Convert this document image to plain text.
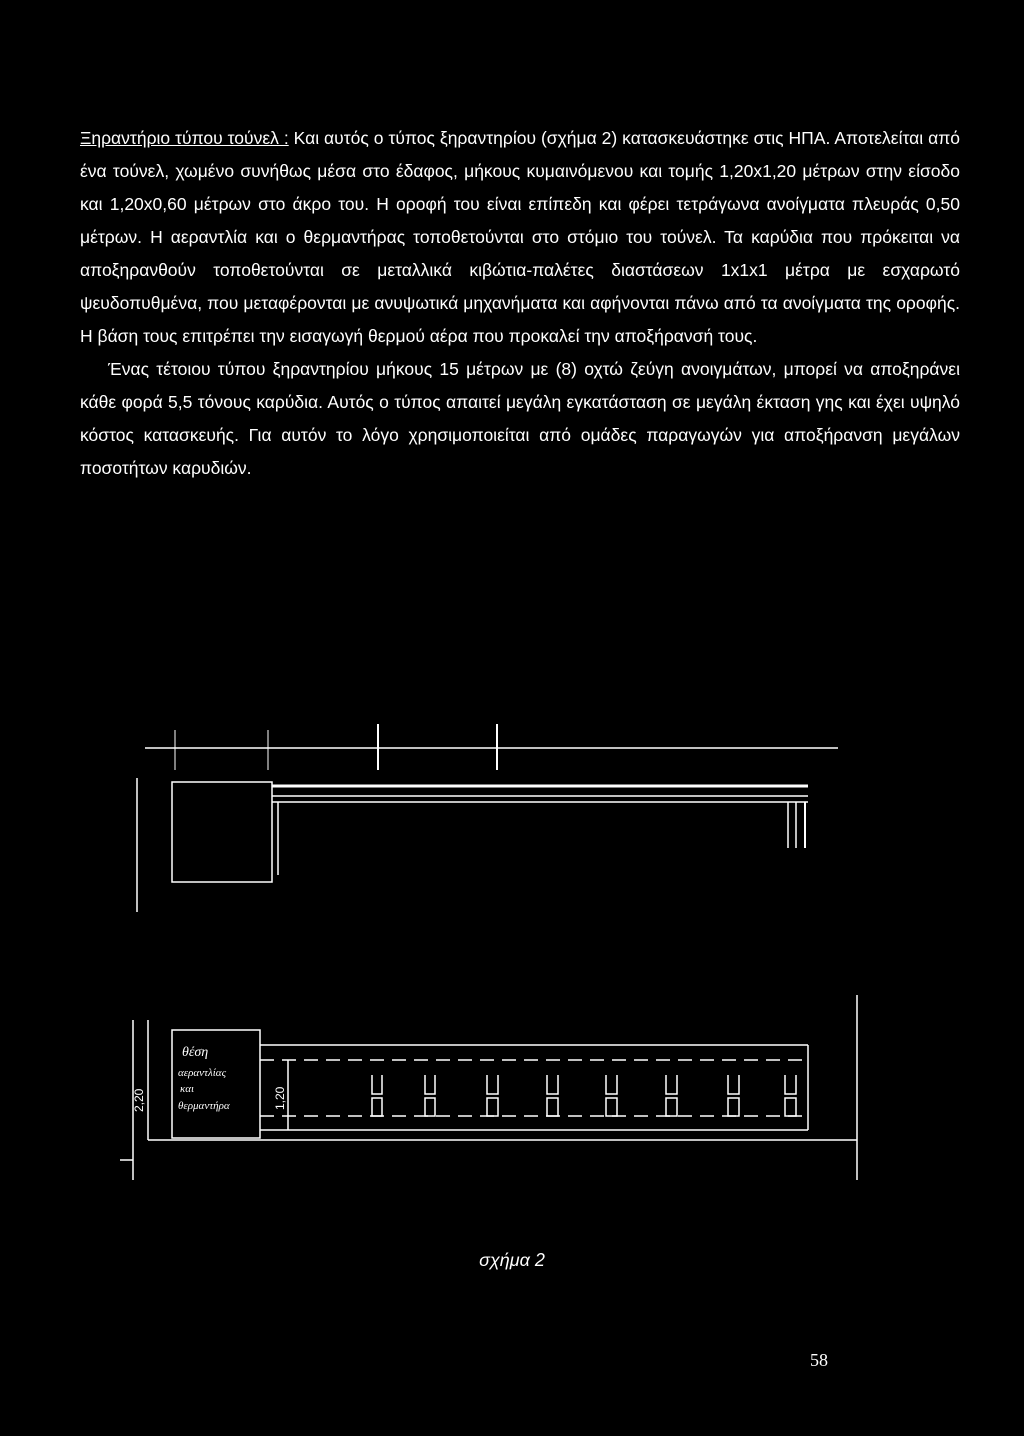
Ξηραντήριο τύπου τούνελ : Και αυτός ο τύπος ξηραντηρίου (σχήμα 2) κατασκευάστηκε στις ΗΠΑ. Αποτελείται από ένα τούνελ, χωμένο συνήθως μέσα στο έδαφος, μήκους κυμαινόμενου και τομής 1,20x1,20 μέτρων στην είσοδο και 1,20x0,60 μέτρων στο άκρο του. Η οροφή του είναι επίπεδη και φέρει τετράγωνα ανοίγματα πλευράς 0,50 μέτρων. Η αεραντλία και ο θερμαντήρας τοποθετούνται στο στόμιο του τούνελ. Τα καρύδια που πρόκειται να αποξηρανθούν τοποθετούνται σε μεταλλικά κιβώτια-παλέτες διαστάσεων 1x1x1 μέτρα με εσχαρωτό ψευδοπυθμένα, που μεταφέρονται με ανυψωτικά μηχανήματα και αφήνονται πάνω από τα ανοίγματα της οροφής. Η βάση τους επιτρέπει την εισαγωγή θερμού αέρα που προκαλεί την αποξήρανσή τους.

Ένας τέτοιου τύπου ξηραντηρίου μήκους 15 μέτρων με (8) οχτώ ζεύγη ανοιγμάτων, μπορεί να αποξηράνει κάθε φορά 5,5 τόνους καρύδια. Αυτός ο τύπος απαιτεί μεγάλη εγκατάσταση σε μεγάλη έκταση γης και έχει υψηλό κόστος κατασκευής. Για αυτόν το λόγο χρησιμοποιείται από ομάδες παραγωγών για αποξήρανση μεγάλων ποσοτήτων καρυδιών.

θέση
αεραντλίας
και
θερμαντήρα
2,20	1,20
σχήμα 2
58
